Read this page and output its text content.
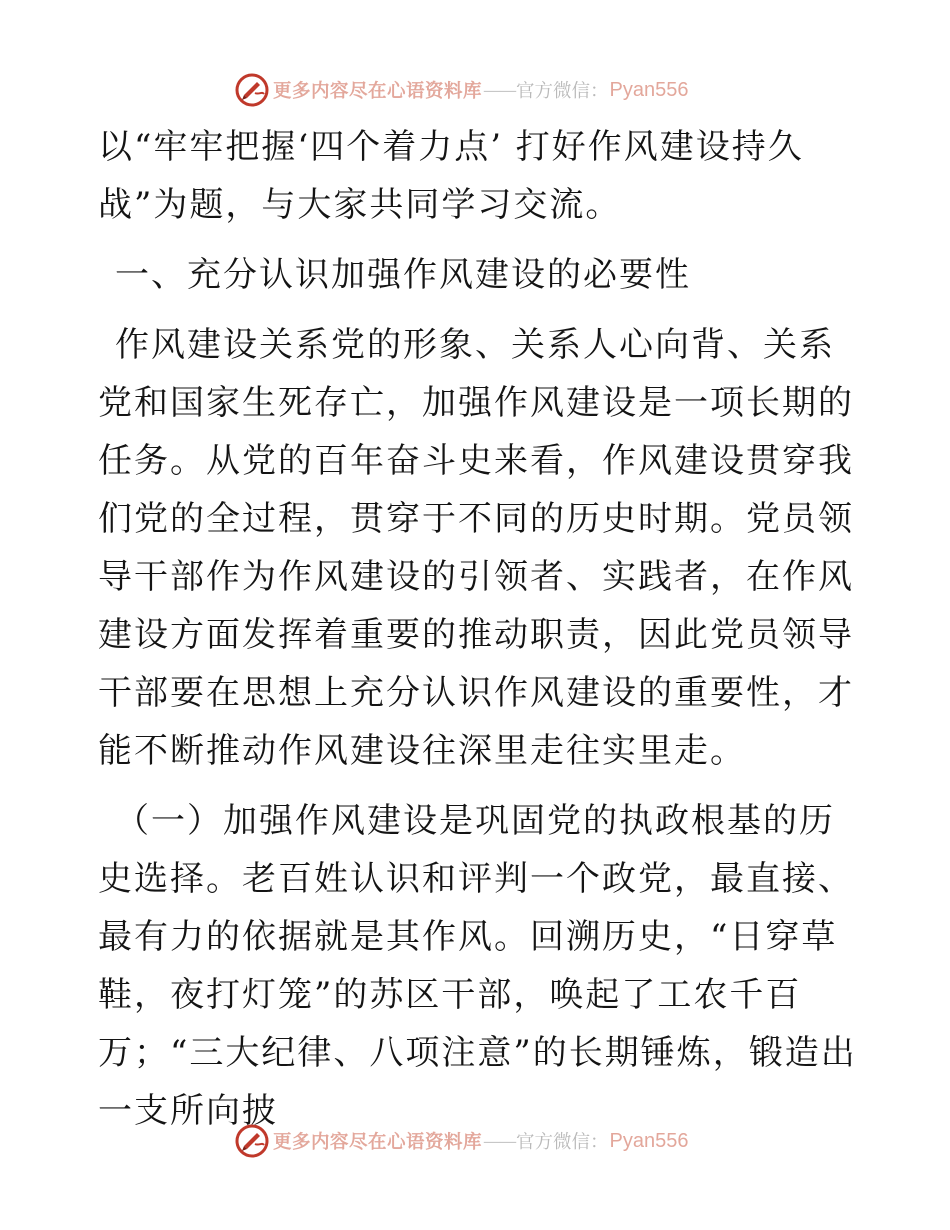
更多内容尽在心语资料库 —— 官方微信： Pyan556

以“牢牢把握‘四个着力点’ 打好作风建设持久战”为题，与大家共同学习交流。

一、充分认识加强作风建设的必要性

作风建设关系党的形象、关系人心向背、关系党和国家生死存亡，加强作风建设是一项长期的任务。从党的百年奋斗史来看，作风建设贯穿我们党的全过程，贯穿于不同的历史时期。党员领导干部作为作风建设的引领者、实践者，在作风建设方面发挥着重要的推动职责，因此党员领导干部要在思想上充分认识作风建设的重要性，才能不断推动作风建设往深里走往实里走。

（一）加强作风建设是巩固党的执政根基的历史选择。老百姓认识和评判一个政党，最直接、最有力的依据就是其作风。回溯历史，“日穿草鞋，夜打灯笼”的苏区干部，唤起了工农千百万；“三大纪律、八项注意”的长期锤炼，锻造出一支所向披

更多内容尽在心语资料库 —— 官方微信： Pyan556
